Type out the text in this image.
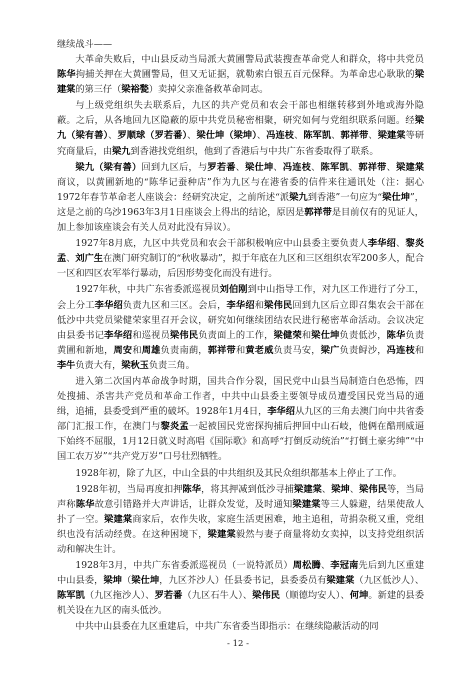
继续战斗——

大革命失败后，中山县反动当局派大黄圃警局武装搜查革命党人和群众，将中共党员陈华拘捕关押在大黄圃警局，但又无证据，就勒索白银五百元保释。为革命忠心耿耿的梁建棠的第三仔（梁裕甃）卖掉父亲准备救革命同志。

与上级党组织失去联系后，九区的共产党员和农会干部也相继转移到外地或海外隐蔽。之后，从各地回九区隐蔽的原中共党员秘密相聚，研究如何与党组织联系问题。经梁九（梁有善）、罗顺球（罗若番）、梁仕坤（梁坤）、冯连枝、陈军凯、郭祥带、梁建棠等研究商量后，由梁九到香港找党组织，他到了香港后与中共广东省委取得了联系。

梁九（梁有善）回到九区后，与罗若番、梁仕坤、冯连枝、陈军凯、郭祥带、梁建棠商议，以黄圃新地的“陈华记蚕种店”作为九区与在港省委的信件来往通讯处（注：据心1972年春节革命老人座谈会：经研究决定，之前所述“派梁九到香港”一句应为“梁仕坤”，这是之前的乌沙1963年3月1日座谈会上得出的结论，原因是郭祥带是目前仅有的见证人，加上参加该座谈会有关人员对此没有异议）。

1927年8月底，九区中共党员和农会干部积极响应中山县委主要负责人李华绍、黎炎孟、刘广生在澳门研究制订的“秋收暴动”，拟于年底在九区和三区组织农军200多人，配合一区和四区农军举行暴动，后因形势变化而没有进行。

1927年秋，中共广东省委派巡视员刘伯刚到中山指导工作，对九区工作进行了分工，会上分工李华绍负责九区和三区。会后，李华绍和梁伟民回到九区后立即召集农会干部在低沙中共党员梁健荣家里召开会议，研究如何继续团结农民进行秘密革命活动。会议决定由县委书记李华绍和巡视员梁伟民负责面上的工作，梁健荣和梁仕坤负责低沙，陈华负责黄圃和新地，周安和周雄负责南蓢，郭祥带和黄老威负责马安，梁广负责鲟沙，冯连枝和李牛负责大有，梁秋玉负责三角。

进入第二次国内革命战争时期，国共合作分裂，国民党中山县当局制造白色恐怖，四处搜捕、杀害共产党员和革命工作者，中共中山县委主要领导成员遭受国民党当局的通缉，追捕，县委受到严重的破坏。1928年1月4日，李华绍从九区的三角去澳门向中共省委部门汇报工作，在澳门与黎炎孟一起被国民党密探拘捕后押回中山石岐，他俩在酷刑威逼下始终不屈服，1月12日就义时高唱《国际歌》和高呼“打倒反动统治”“打倒土豪劣绅”“中国工农万岁”“共产党万岁”口号壮烈牺牲。

1928年初，除了九区，中山全县的中共组织及其民众组织都基本上停止了工作。

1928年初，当局再度扣押陈华，将其押减到低沙寻捕梁建棠、梁坤、梁伟民等，当局声称陈华故意引错路并大声讲话，让群众发觉，及时通知梁建棠等三人躲避，结果使敌人扑了一空。梁建棠商家后，农作失收，家庭生活更困难，地主追租，苛捐杂税又重，党组织也没有活动经费。在这种困境下，梁建棠毅然与妻子商量将幼女卖掉，以支持党组织活动和解决生计。

1928年3月，中共广东省委派巡视员（一说特派员）周松腾、李冠南先后到九区重建中山县委，梁坤（梁仕坤，九区芥沙人）任县委书记，县委委员有梁建棠（九区低沙人）、陈军凯（九区拖沙人）、罗若番（九区石牛人）、梁伟民（顺德均安人）、何坤。新建的县委机关设在九区的南头低沙。

中共中山县委在九区重建后，中共广东省委当即指示：在继续隐蔽活动的同

- 12 -
